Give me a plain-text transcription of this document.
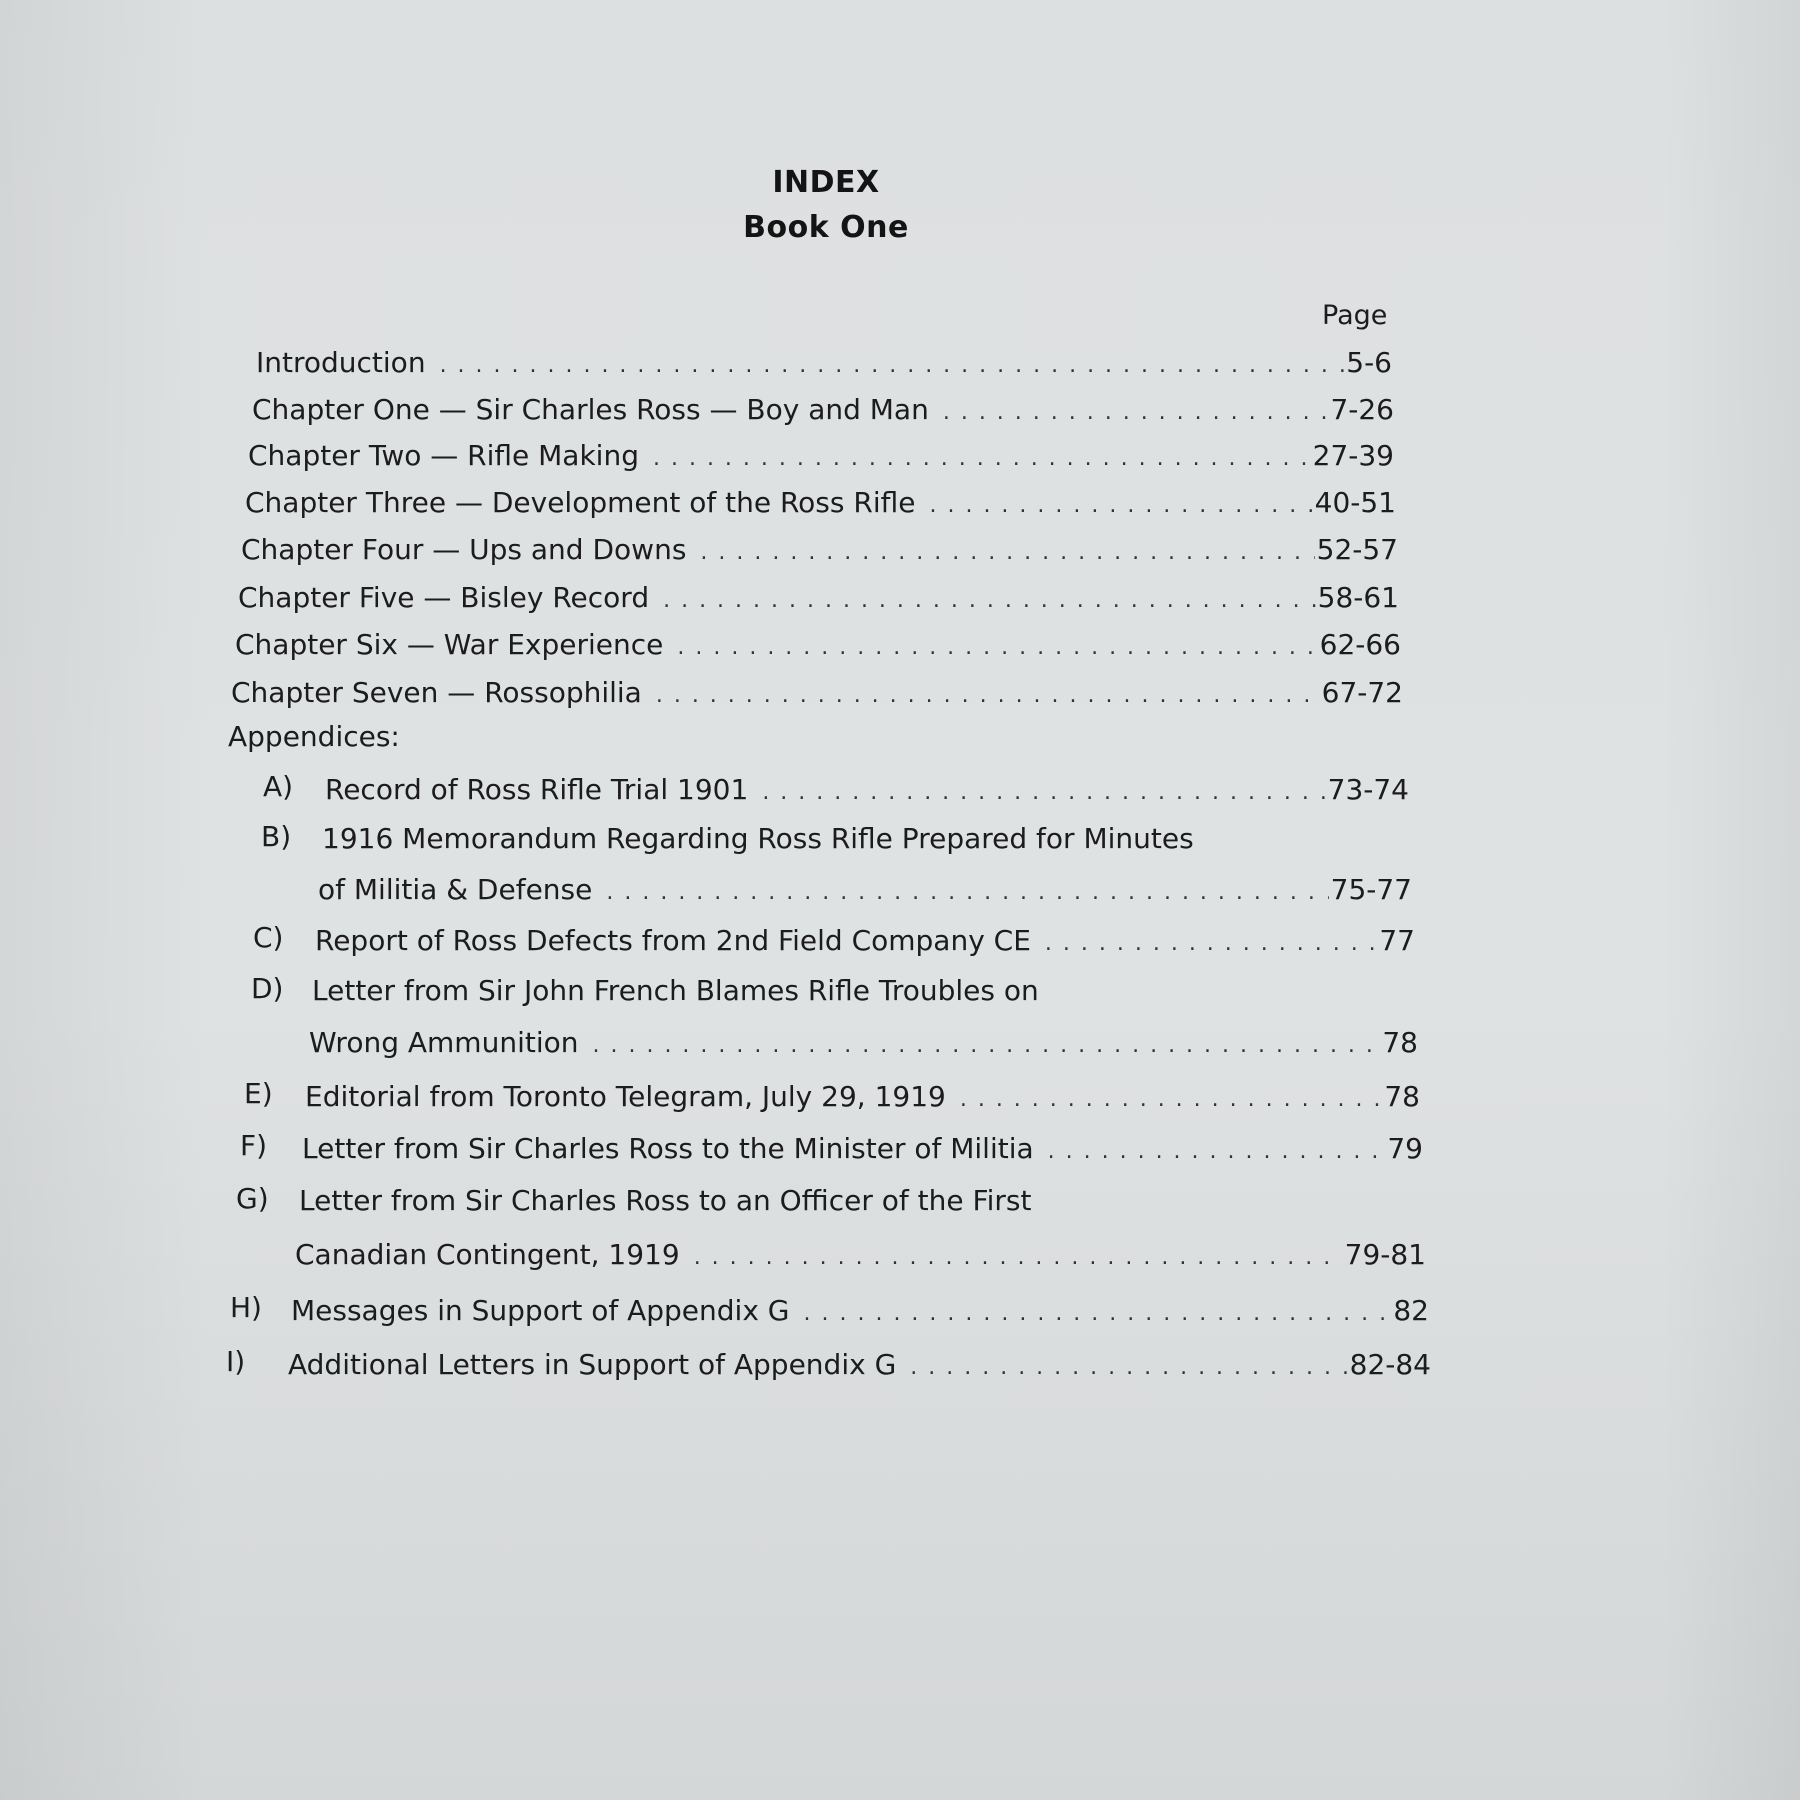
INDEX
Book One
Page
Introduction . . .	5-6
Chapter One — Sir Charles Ross — Boy and Man . . .	7-26
Chapter Two — Rifle Making . . .	27-39
Chapter Three — Development of the Ross Rifle . . .	40-51
Chapter Four — Ups and Downs . . .	52-57
Chapter Five — Bisley Record . . .	58-61
Chapter Six — War Experience . . .	62-66
Chapter Seven — Rossophilia . . .	67-72
Appendices:
A) Record of Ross Rifle Trial 1901 . . .	73-74
B) 1916 Memorandum Regarding Ross Rifle Prepared for Minutes
of Militia & Defense . . .	75-77
C) Report of Ross Defects from 2nd Field Company CE . . .	77
D) Letter from Sir John French Blames Rifle Troubles on
Wrong Ammunition . . .	78
E) Editorial from Toronto Telegram, July 29, 1919 . . .	78
F) Letter from Sir Charles Ross to the Minister of Militia . . .	79
G) Letter from Sir Charles Ross to an Officer of the First
Canadian Contingent, 1919 . . .	79-81
H) Messages in Support of Appendix G . . .	82
I) Additional Letters in Support of Appendix G . . .	82-84
